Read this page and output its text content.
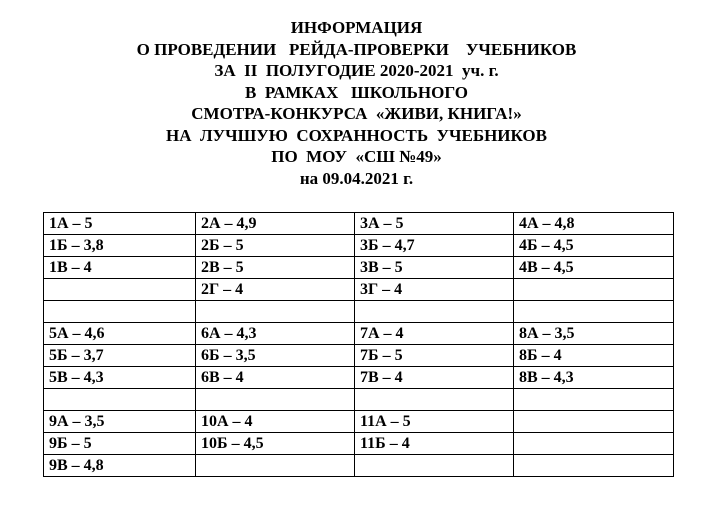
ИНФОРМАЦИЯ
О ПРОВЕДЕНИИ   РЕЙДА-ПРОВЕРКИ    УЧЕБНИКОВ
ЗА  II  ПОЛУГОДИЕ 2020-2021  уч. г.
В  РАМКАХ   ШКОЛЬНОГО
СМОТРА-КОНКУРСА  «ЖИВИ, КНИГА!»
НА  ЛУЧШУЮ  СОХРАННОСТЬ  УЧЕБНИКОВ
ПО  МОУ  «СШ №49»
на 09.04.2021 г.
1А – 5	2А – 4,9	3А – 5	4А – 4,8
1Б – 3,8	2Б – 5	3Б – 4,7	4Б – 4,5
1В – 4	2В – 5	3В – 5	4В – 4,5
	2Г – 4	3Г – 4	

5А – 4,6	6А – 4,3	7А – 4	8А – 3,5
5Б – 3,7	6Б – 3,5	7Б – 5	8Б – 4
5В – 4,3	6В – 4	7В – 4	8В – 4,3

9А – 3,5	10А – 4	11А – 5	
9Б – 5	10Б – 4,5	11Б – 4	
9В – 4,8			
